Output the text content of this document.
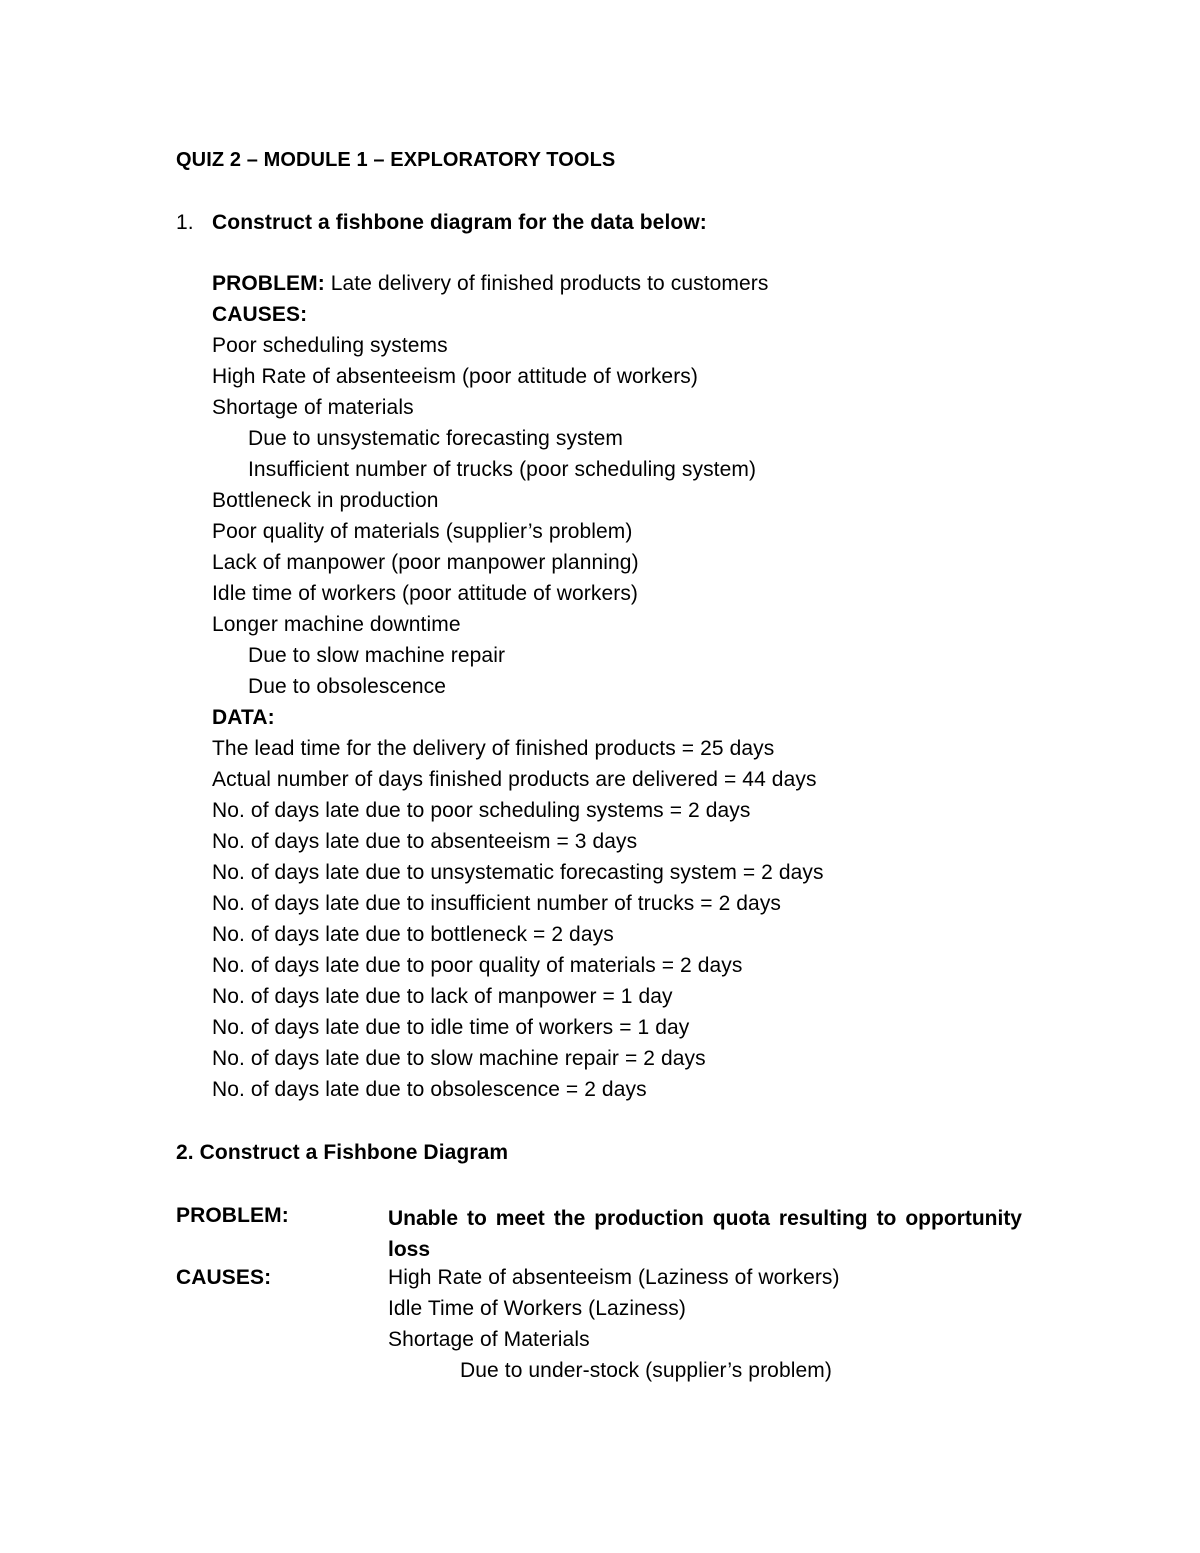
QUIZ 2 – MODULE 1 – EXPLORATORY TOOLS
1. Construct a fishbone diagram for the data below:
PROBLEM: Late delivery of finished products to customers
CAUSES:
Poor scheduling systems
High Rate of absenteeism (poor attitude of workers)
Shortage of materials
Due to unsystematic forecasting system
Insufficient number of trucks (poor scheduling system)
Bottleneck in production
Poor quality of materials (supplier’s problem)
Lack of manpower (poor manpower planning)
Idle time of workers (poor attitude of workers)
Longer machine downtime
Due to slow machine repair
Due to obsolescence
DATA:
The lead time for the delivery of finished products = 25 days
Actual number of days finished products are delivered = 44 days
No. of days late due to poor scheduling systems = 2 days
No. of days late due to absenteeism = 3 days
No. of days late due to unsystematic forecasting system = 2 days
No. of days late due to insufficient number of trucks = 2 days
No. of days late due to bottleneck = 2 days
No. of days late due to poor quality of materials = 2 days
No. of days late due to lack of manpower = 1 day
No. of days late due to idle time of workers = 1 day
No. of days late due to slow machine repair = 2 days
No. of days late due to obsolescence = 2 days
2. Construct a Fishbone Diagram
PROBLEM:	Unable to meet the production quota resulting to opportunity loss
CAUSES:	High Rate of absenteeism (Laziness of workers)
Idle Time of Workers (Laziness)
Shortage of Materials
Due to under-stock (supplier’s problem)
